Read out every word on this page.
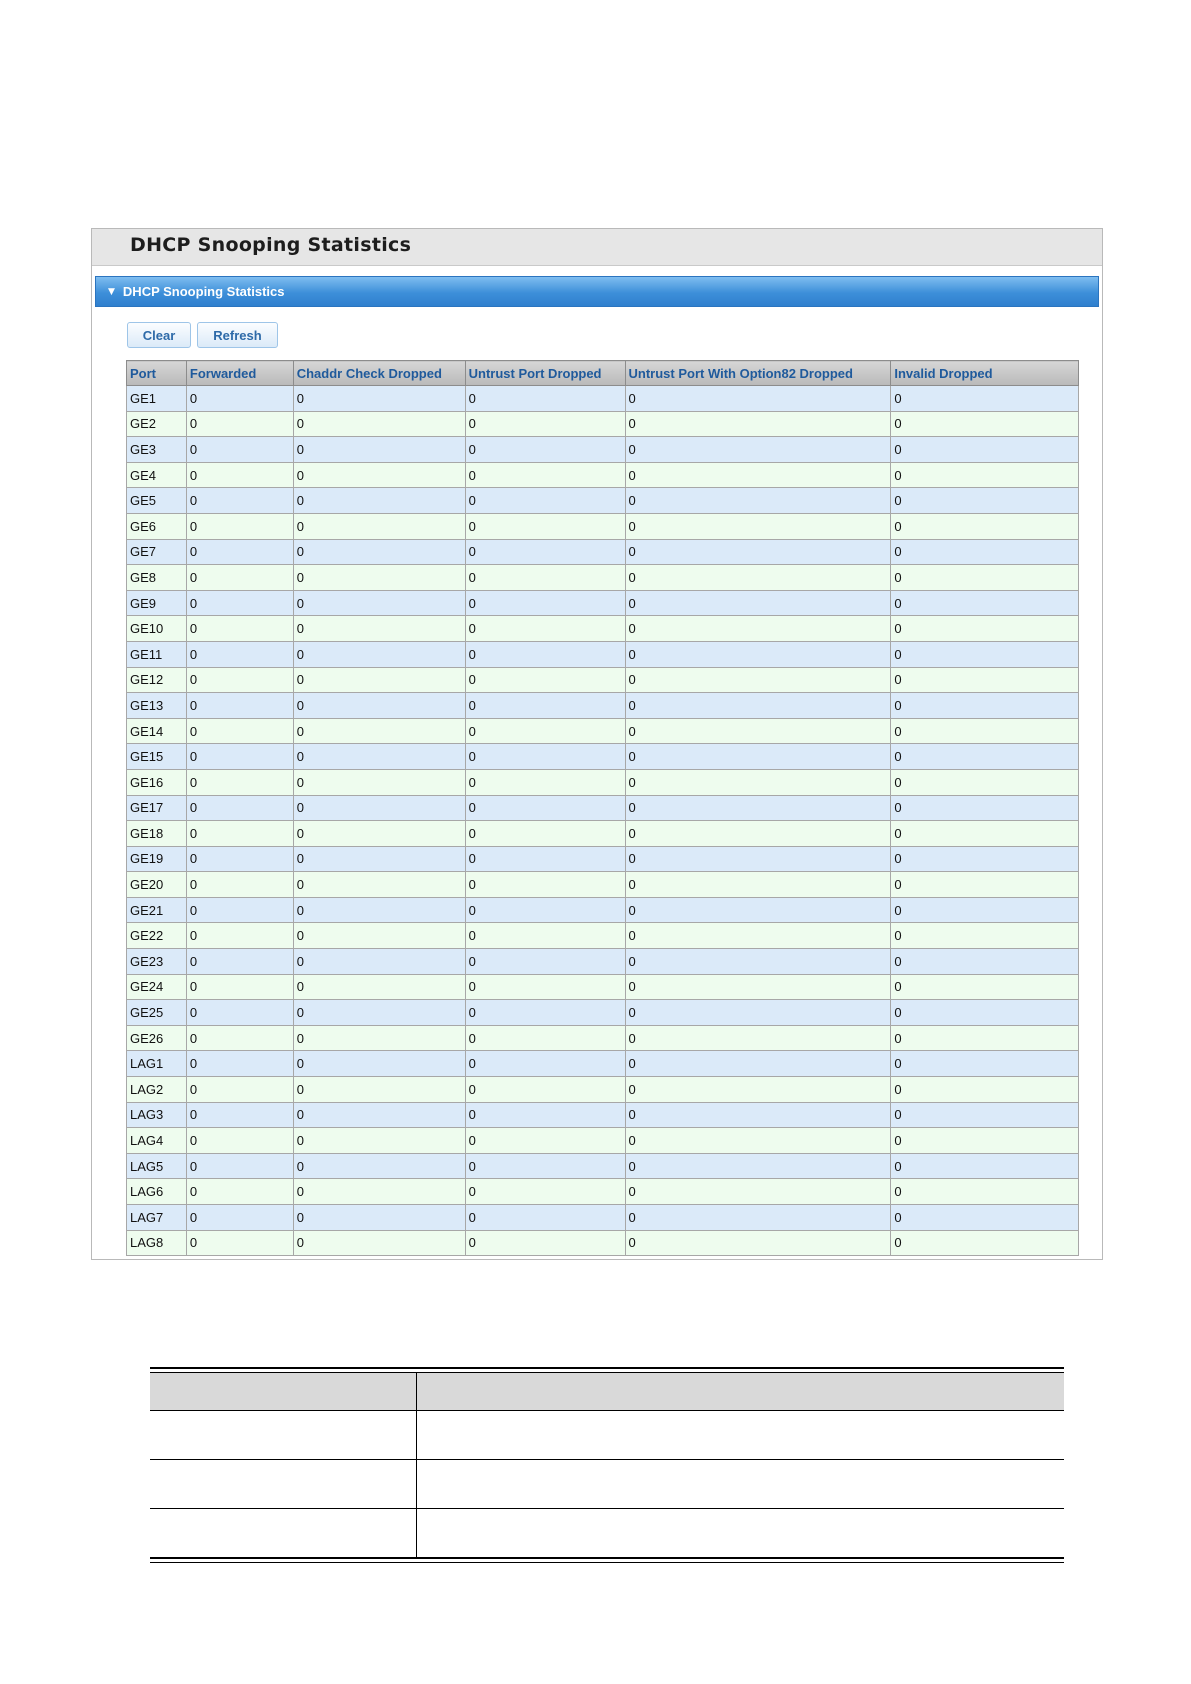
DHCP Snooping Statistics
▼ DHCP Snooping Statistics
Clear	Refresh
Port	Forwarded	Chaddr Check Dropped	Untrust Port Dropped	Untrust Port With Option82 Dropped	Invalid Dropped
GE1	0	0	0	0	0
GE2	0	0	0	0	0
GE3	0	0	0	0	0
GE4	0	0	0	0	0
GE5	0	0	0	0	0
GE6	0	0	0	0	0
GE7	0	0	0	0	0
GE8	0	0	0	0	0
GE9	0	0	0	0	0
GE10	0	0	0	0	0
GE11	0	0	0	0	0
GE12	0	0	0	0	0
GE13	0	0	0	0	0
GE14	0	0	0	0	0
GE15	0	0	0	0	0
GE16	0	0	0	0	0
GE17	0	0	0	0	0
GE18	0	0	0	0	0
GE19	0	0	0	0	0
GE20	0	0	0	0	0
GE21	0	0	0	0	0
GE22	0	0	0	0	0
GE23	0	0	0	0	0
GE24	0	0	0	0	0
GE25	0	0	0	0	0
GE26	0	0	0	0	0
LAG1	0	0	0	0	0
LAG2	0	0	0	0	0
LAG3	0	0	0	0	0
LAG4	0	0	0	0	0
LAG5	0	0	0	0	0
LAG6	0	0	0	0	0
LAG7	0	0	0	0	0
LAG8	0	0	0	0	0
